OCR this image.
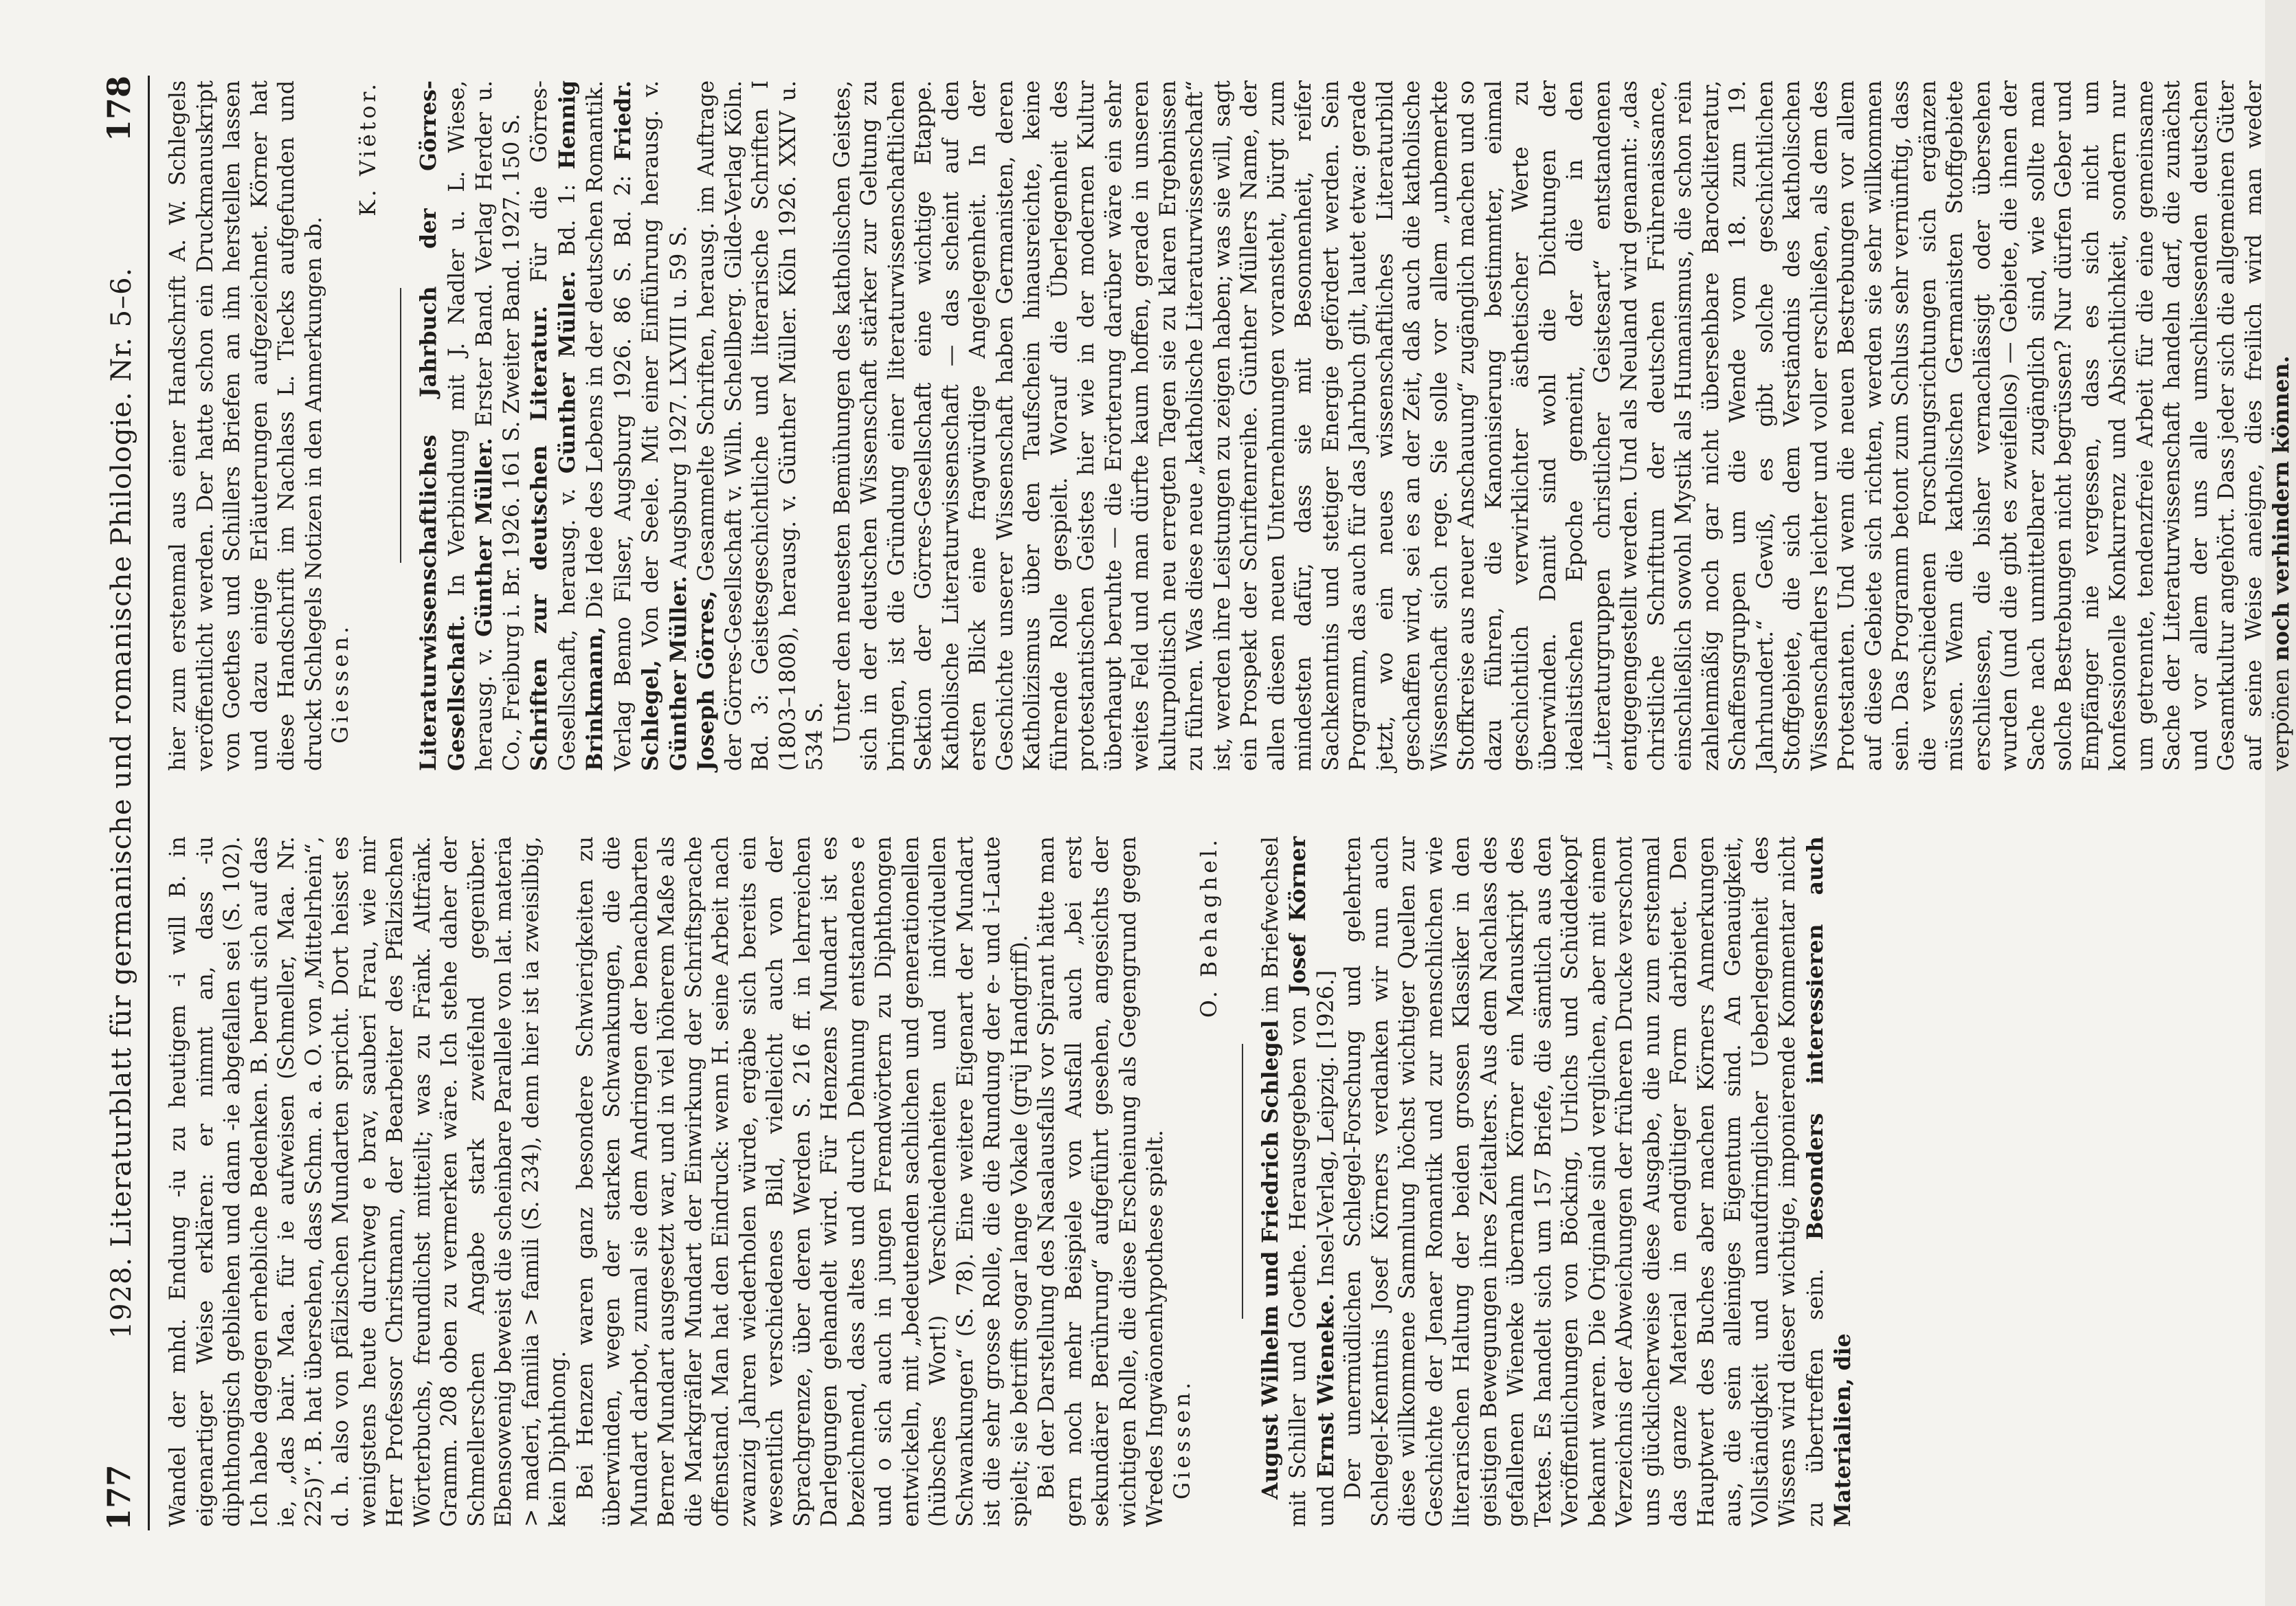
177
1928. Literaturblatt für germanische und romanische Philologie. Nr. 5–6.
178

Wandel der mhd. Endung -iu zu heutigem -i will B. in eigenartiger Weise erklären: er nimmt an, dass -iu diphthongisch gebliehen und dann -ie abgefallen sei (S. 102). Ich habe dagegen erhebliche Bedenken. B. beruft sich auf das ie, „das bair. Maa. für ie aufweisen (Schmeller, Maa. Nr. 225)“. B. hat übersehen, dass Schm. a. a. O. von „Mittelrhein“, d. h. also von pfälzischen Mundarten spricht. Dort heisst es wenigstens heute durchweg e brav, sauberi Frau, wie mir Herr Professor Christmann, der Bearbeiter des Pfälzischen Wörterbuchs, freundlichst mitteilt; was zu Fränk. Altfränk. Gramm. 208 oben zu vermerken wäre. Ich stehe daher der Schmellerschen Angabe stark zweifelnd gegenüber. Ebensowenig beweist die scheinbare Parallele von lat. materia > maderi, familia > famili (S. 234), denn hier ist ia zweisilbig, kein Diphthong. Bei Henzen waren ganz besondere Schwierigkeiten zu überwinden, wegen der starken Schwankungen, die die Mundart darbot, zumal sie dem Andringen der benachbarten Berner Mundart ausgesetzt war, und in viel höherem Maße als die Markgräfler Mundart der Einwirkung der Schriftsprache offenstand. Man hat den Eindruck: wenn H. seine Arbeit nach zwanzig Jahren wiederholen würde, ergäbe sich bereits ein wesentlich verschiedenes Bild, vielleicht auch von der Sprachgrenze, über deren Werden S. 216 ff. in lehrreichen Darlegungen gehandelt wird. Für Henzens Mundart ist es bezeichnend, dass altes und durch Dehnung entstandenes e und o sich auch in jungen Fremdwörtern zu Diphthongen entwickeln, mit „bedeutenden sachlichen und generationellen (hübsches Wort!) Verschiedenheiten und individuellen Schwankungen“ (S. 78). Eine weitere Eigenart der Mundart ist die sehr grosse Rolle, die die Rundung der e- und i-Laute spielt; sie betrifft sogar lange Vokale (grüj Handgriff). Bei der Darstellung des Nasalausfalls vor Spirant hätte man gern noch mehr Beispiele von Ausfall auch „bei erst sekundärer Berührung“ aufgeführt gesehen, angesichts der wichtigen Rolle, die diese Erscheinung als Gegengrund gegen Wredes Ingwäonenhypothese spielt. Giessen.

O. Behaghel.

August Wilhelm und Friedrich Schlegel im Briefwechsel mit Schiller und Goethe. Herausgegeben von Josef Körner und Ernst Wieneke. Insel-Verlag, Leipzig. [1926.] Der unermüdlichen Schlegel-Forschung und gelehrten Schlegel-Kenntnis Josef Körners verdanken wir nun auch diese willkommene Sammlung höchst wichtiger Quellen zur Geschichte der Jenaer Romantik und zur menschlichen wie literarischen Haltung der beiden grossen Klassiker in den geistigen Bewegungen ihres Zeitalters. Aus dem Nachlass des gefallenen Wieneke übernahm Körner ein Manuskript des Textes. Es handelt sich um 157 Briefe, die sämtlich aus den Veröffentlichungen von Böcking, Urlichs und Schüddekopf bekannt waren. Die Originale sind verglichen, aber mit einem Verzeichnis der Abweichungen der früheren Drucke verschont uns glücklicherweise diese Ausgabe, die nun zum erstenmal das ganze Material in endgültiger Form darbietet. Den Hauptwert des Buches aber machen Körners Anmerkungen aus, die sein alleiniges Eigentum sind. An Genauigkeit, Vollständigkeit und unaufdringlicher Ueberlegenheit des Wissens wird dieser wichtige, imponierende Kommentar nicht zu übertreffen sein. Besonders interessieren auch Materialien, die

hier zum erstenmal aus einer Handschrift A. W. Schlegels veröffentlicht werden. Der hatte schon ein Druckmanuskript von Goethes und Schillers Briefen an ihn herstellen lassen und dazu einige Erläuterungen aufgezeichnet. Körner hat diese Handschrift im Nachlass L. Tiecks aufgefunden und druckt Schlegels Notizen in den Anmerkungen ab. Giessen.

K. Viëtor. Literaturwissenschaftliches Jahrbuch der Görres-Gesellschaft. In Verbindung mit J. Nadler u. L. Wiese, herausg. v. Günther Müller. Erster Band. Verlag Herder u. Co., Freiburg i. Br. 1926. 161 S. Zweiter Band. 1927. 150 S. Schriften zur deutschen Literatur. Für die Görres-Gesellschaft, herausg. v. Günther Müller. Bd. 1: Hennig Brinkmann, Die Idee des Lebens in der deutschen Romantik. Verlag Benno Filser, Augsburg 1926. 86 S. Bd. 2: Friedr. Schlegel, Von der Seele. Mit einer Einführung herausg. v. Günther Müller. Augsburg 1927. LXVIII u. 59 S.

Joseph Görres, Gesammelte Schriften, herausg. im Auftrage der Görres-Gesellschaft v. Wilh. Schellberg. Gilde-Verlag Köln. Bd. 3: Geistesgeschichtliche und literarische Schriften I (1803–1808), herausg. v. Günther Müller. Köln 1926. XXIV u. 534 S. Unter den neuesten Bemühungen des katholischen Geistes, sich in der deutschen Wissenschaft stärker zur Geltung zu bringen, ist die Gründung einer literaturwissenschaftlichen Sektion der Görres-Gesellschaft eine wichtige Etappe. Katholische Literaturwissenschaft — das scheint auf den ersten Blick eine fragwürdige Angelegenheit. In der Geschichte unserer Wissenschaft haben Germanisten, deren Katholizismus über den Taufschein hinausreichte, keine führende Rolle gespielt. Worauf die Überlegenheit des protestantischen Geistes hier wie in der modernen Kultur überhaupt beruhte — die Erörterung darüber wäre ein sehr weites Feld und man dürfte kaum hoffen, gerade in unseren kulturpolitisch neu erregten Tagen sie zu klaren Ergebnissen zu führen. Was diese neue „katholische Literaturwissenschaft“ ist, werden ihre Leistungen zu zeigen haben; was sie will, sagt ein Prospekt der Schriftenreihe. Günther Müllers Name, der allen diesen neuen Unternehmungen voransteht, bürgt zum mindesten dafür, dass sie mit Besonnenheit, reifer Sachkenntnis und stetiger Energie gefördert werden. Sein Programm, das auch für das Jahrbuch gilt, lautet etwa: gerade jetzt, wo ein neues wissenschaftliches Literaturbild geschaffen wird, sei es an der Zeit, daß auch die katholische Wissenschaft sich rege. Sie solle vor allem „unbemerkte Stoffkreise aus neuer Anschauung“ zugänglich machen und so dazu führen, die Kanonisierung bestimmter, einmal geschichtlich verwirklichter ästhetischer Werte zu überwinden. Damit sind wohl die Dichtungen der idealistischen Epoche gemeint, der die in den „Literaturgruppen christlicher Geistesart“ entstandenen entgegengestellt werden. Und als Neuland wird genannt: „das christliche Schrifttum der deutschen Frührenaissance, einschließlich sowohl Mystik als Humanismus, die schon rein zahlenmäßig noch gar nicht übersehbare Barockliteratur, Schaffensgruppen um die Wende vom 18. zum 19. Jahrhundert.“ Gewiß, es gibt solche geschichtlichen Stoffgebiete, die sich dem Verständnis des katholischen Wissenschaftlers leichter und voller erschließen, als dem des Protestanten. Und wenn die neuen Bestrebungen vor allem auf diese Gebiete sich richten, werden sie sehr willkommen sein. Das Programm betont zum Schluss sehr vernünftig, dass die verschiedenen Forschungsrichtungen sich ergänzen müssen. Wenn die katholischen Germanisten Stoffgebiete erschliessen, die bisher vernachlässigt oder übersehen wurden (und die gibt es zweifellos) — Gebiete, die ihnen der Sache nach unmittelbarer zugänglich sind, wie sollte man solche Bestrebungen nicht begrüssen? Nur dürfen Geber und Empfänger nie vergessen, dass es sich nicht um konfessionelle Konkurrenz und Absichtlichkeit, sondern nur um getrennte, tendenzfreie Arbeit für die eine gemeinsame Sache der Literaturwissenschaft handeln darf, die zunächst und vor allem der uns alle umschliessenden deutschen Gesamtkultur angehört. Dass jeder sich die allgemeinen Güter auf seine Weise aneigne, dies freilich wird man weder verpönen noch verhindern können.
